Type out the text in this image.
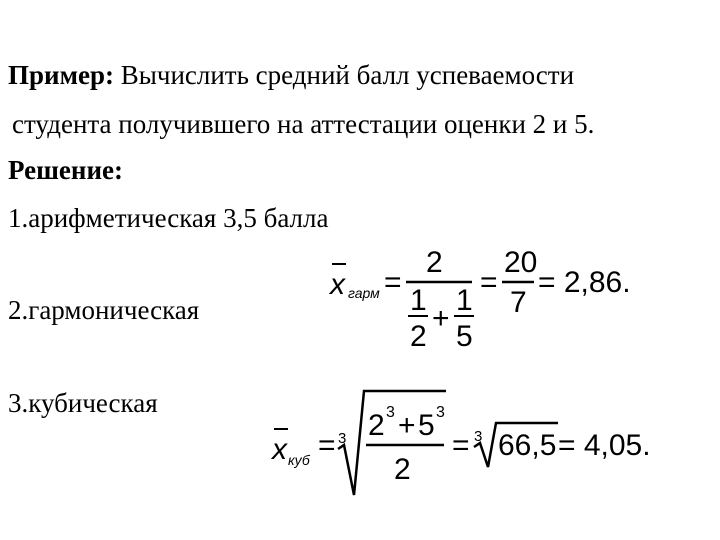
Пример: Вычислить средний балл успеваемости
студента получившего на аттестации оценки 2 и 5.
Решение:
1.арифметическая 3,5 балла
2.гармоническая
3.кубическая
x гарм =
2
1
2
+
1
5
=
20
7
= 2,86.
x куб = 3 2 3 + 5 3
2
= 3 66,5 = 4,05.
